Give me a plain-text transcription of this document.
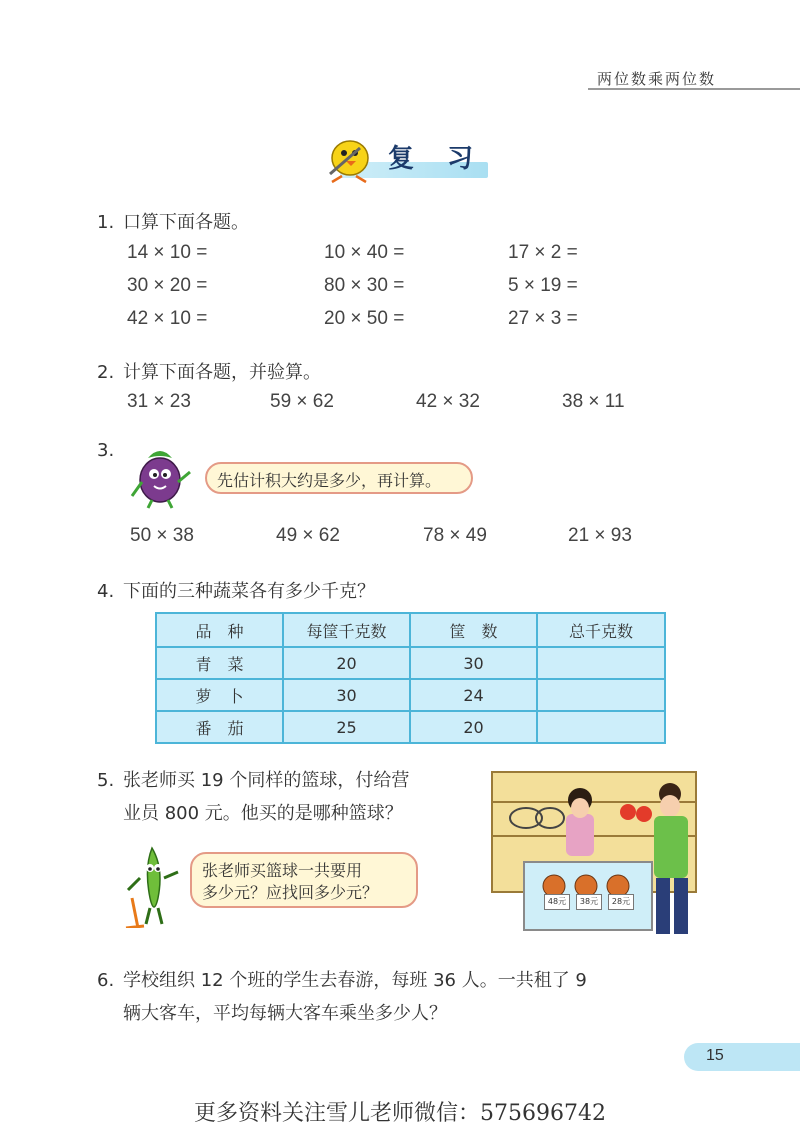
两位数乘两位数
复 习
1. 口算下面各题。
14 × 10 =	10 × 40 =	17 × 2 =
30 × 20 =	80 × 30 =	5 × 19 =
42 × 10 =	20 × 50 =	27 × 3 =
2. 计算下面各题，并验算。
31 × 23	59 × 62	42 × 32	38 × 11
3.
先估计积大约是多少，再计算。
50 × 38	49 × 62	78 × 49	21 × 93
4. 下面的三种蔬菜各有多少千克？
品　种	每筐千克数	筐　数	总千克数
青　菜	20	30	
萝　卜	30	24	
番　茄	25	20	
5. 张老师买 19 个同样的篮球，付给营
业员 800 元。他买的是哪种篮球？
张老师买篮球一共要用
多少元？应找回多少元？	48元	38元	28元
6. 学校组织 12 个班的学生去春游，每班 36 人。一共租了 9
辆大客车，平均每辆大客车乘坐多少人？
15
更多资料关注雪儿老师微信：575696742
